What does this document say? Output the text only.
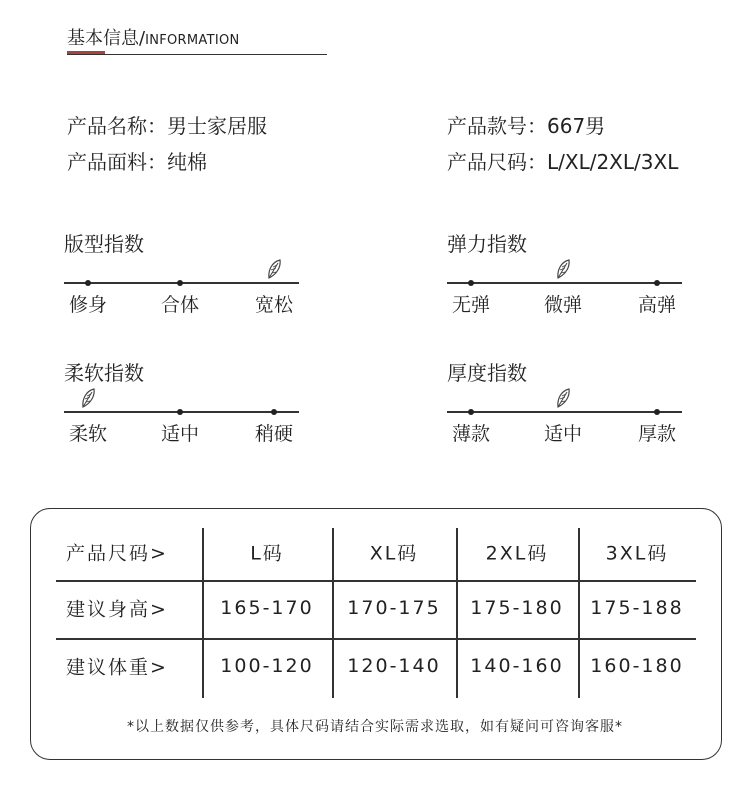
基本信息/INFORMATION
产品名称：男士家居服	产品款号：667男
产品面料：纯棉	产品尺码：L/XL/2XL/3XL
版型指数
修身	合体	宽松
弹力指数
无弹	微弹	高弹
柔软指数
柔软	适中	稍硬
厚度指数
薄款	适中	厚款
产品尺码>	L码	XL码	2XL码	3XL码
建议身高>	165-170 170-175 175-180 175-188
建议体重>	100-120 120-140 140-160 160-180
*以上数据仅供参考，具体尺码请结合实际需求选取，如有疑问可咨询客服*
